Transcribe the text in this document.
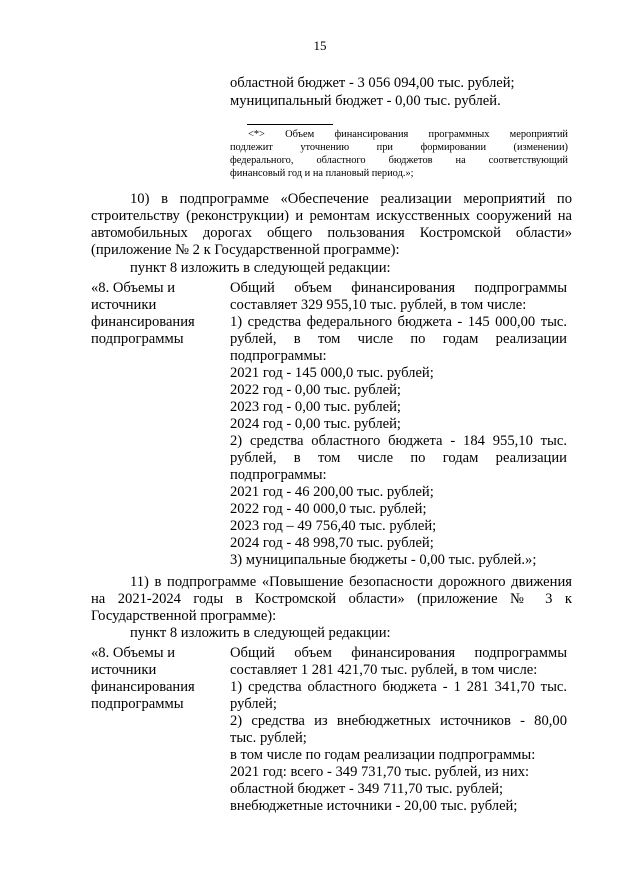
15
областной бюджет - 3 056 094,00 тыс. рублей;
муниципальный бюджет - 0,00 тыс. рублей.
<*> Объем финансирования программных мероприятий
подлежит уточнению при формировании (изменении)
федерального, областного бюджетов на соответствующий
финансовый год и на плановый период.»;
10) в подпрограмме «Обеспечение реализации мероприятий по
строительству (реконструкции) и ремонтам искусственных сооружений на
автомобильных дорогах общего пользования Костромской области»
(приложение № 2 к Государственной программе):
пункт 8 изложить в следующей редакции:
«8. Объемы и
источники
финансирования
подпрограммы
Общий объем финансирования подпрограммы
составляет 329 955,10 тыс. рублей, в том числе:
1) средства федерального бюджета - 145 000,00 тыс.
рублей, в том числе по годам реализации
подпрограммы:
2021 год - 145 000,0 тыс. рублей;
2022 год - 0,00 тыс. рублей;
2023 год - 0,00 тыс. рублей;
2024 год - 0,00 тыс. рублей;
2) средства областного бюджета - 184 955,10 тыс.
рублей, в том числе по годам реализации
подпрограммы:
2021 год - 46 200,00 тыс. рублей;
2022 год - 40 000,0 тыс. рублей;
2023 год – 49 756,40 тыс. рублей;
2024 год - 48 998,70 тыс. рублей;
3) муниципальные бюджеты - 0,00 тыс. рублей.»;
11) в подпрограмме «Повышение безопасности дорожного движения
на 2021-2024 годы в Костромской области» (приложение № 3 к
Государственной программе):
пункт 8 изложить в следующей редакции:
«8. Объемы и
источники
финансирования
подпрограммы
Общий объем финансирования подпрограммы
составляет 1 281 421,70 тыс. рублей, в том числе:
1) средства областного бюджета - 1 281 341,70 тыс.
рублей;
2) средства из внебюджетных источников - 80,00
тыс. рублей;
в том числе по годам реализации подпрограммы:
2021 год: всего - 349 731,70 тыс. рублей, из них:
областной бюджет - 349 711,70 тыс. рублей;
внебюджетные источники - 20,00 тыс. рублей;
